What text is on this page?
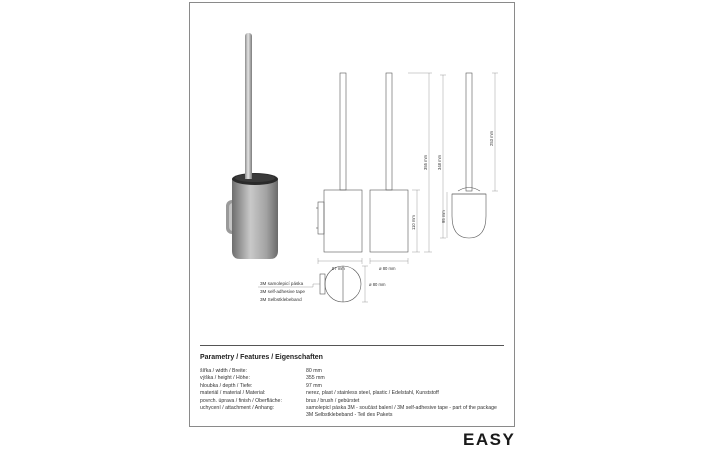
97 mm	ø 80 mm
ø 80 mm
110 mm
355 mm 348 mm
253 mm
95 mm
3M samolepicí páska
3M self-adhesive tape
3M Selbstklebeband
Parametry / Features / Eigenschaften
šířka / width / Breite:	80 mm
výška / height / Höhe:	355 mm
hloubka / depth / Tiefe:	97 mm
materiál / material / Material:	nerez, plast / stainless steel, plastic / Edelstahl, Kunststoff
povrch. úprava / finish / Oberfläche:	brus / brush / gebürstet
uchycení / attachment / Anhang:	samolepicí páska 3M - součást balení / 3M self-adhesive tape - part of the package
3M Selbstklebeband - Teil des Pakets
EASY
